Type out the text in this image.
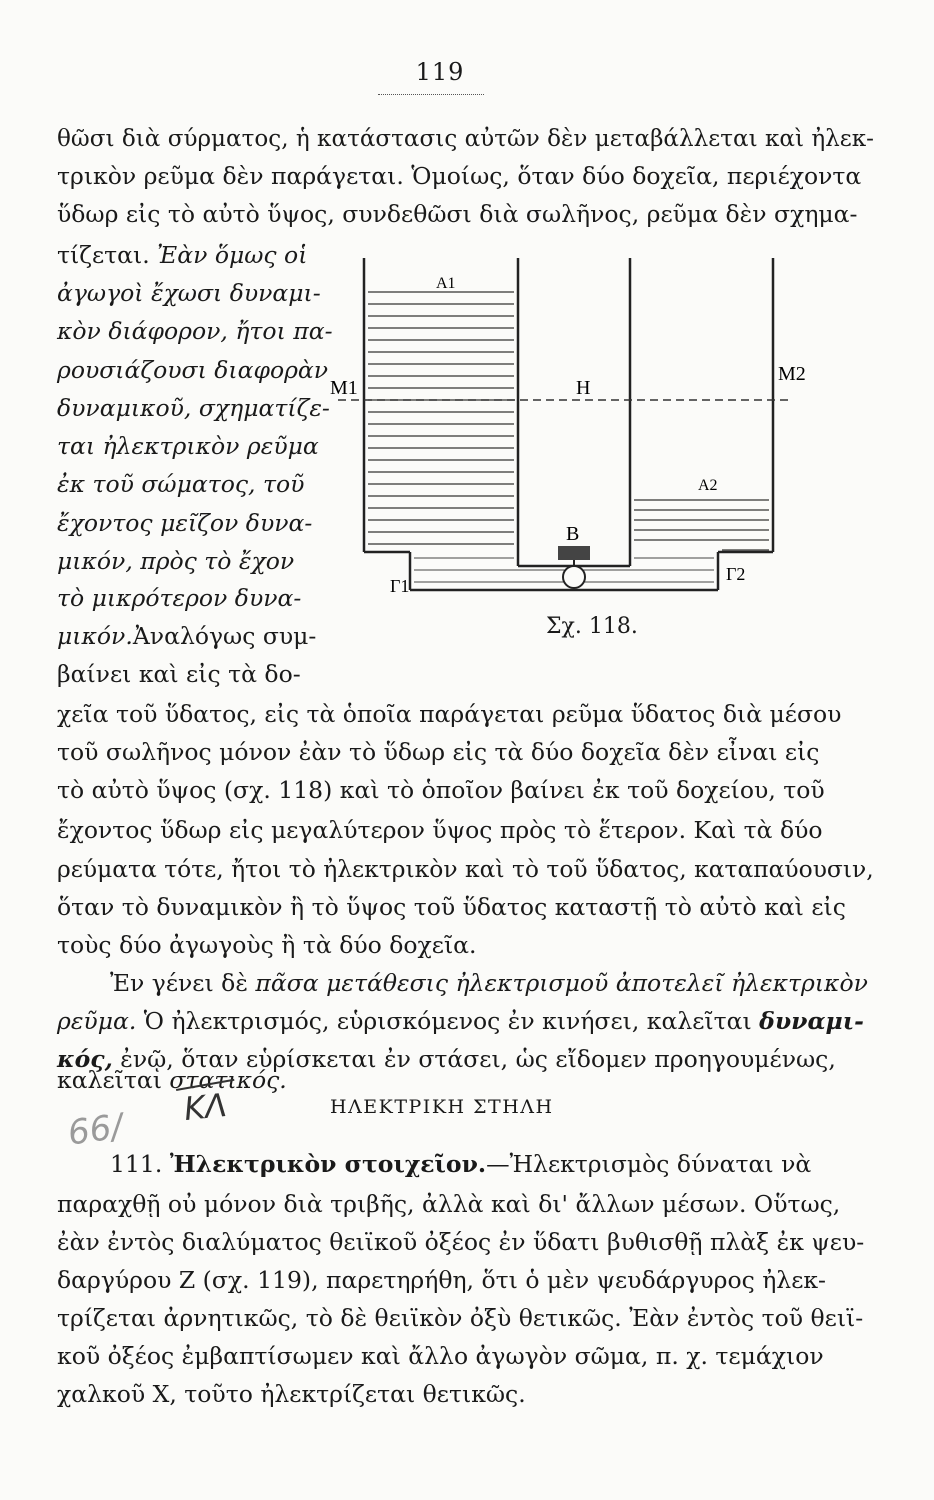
119
θῶσι διὰ σύρματος, ἡ κατάστασις αὐτῶν δὲν μεταβάλλεται καὶ ἠλεκ-
τρικὸν ρεῦμα δὲν παράγεται. Ὁμοίως, ὅταν δύο δοχεῖα, περιέχοντα
ὕδωρ εἰς τὸ αὐτὸ ὕψος, συνδεθῶσι διὰ σωλῆνος, ρεῦμα δὲν σχημα-
τίζεται. Ἐὰν ὅμως οἱ
ἀγωγοὶ ἔχωσι δυναμι-
κὸν διάφορον, ἤτοι πα-
ρουσιάζουσι διαφορὰν
δυναμικοῦ, σχηματίζε-
ται ἠλεκτρικὸν ρεῦμα
ἐκ τοῦ σώματος, τοῦ
ἔχοντος μεῖζον δυνα-
μικόν, πρὸς τὸ ἔχον
τὸ μικρότερον δυνα-
μικόν.Ἀναλόγως συμ-
βαίνει καὶ εἰς τὰ δο-
A1
A2
M1
M2
H
B
Γ1
Γ2
Σχ. 118.
χεῖα τοῦ ὕδατος, εἰς τὰ ὁποῖα παράγεται ρεῦμα ὕδατος διὰ μέσου
τοῦ σωλῆνος μόνον ἐὰν τὸ ὕδωρ εἰς τὰ δύο δοχεῖα δὲν εἶναι εἰς
τὸ αὐτὸ ὕψος (σχ. 118) καὶ τὸ ὁποῖον βαίνει ἐκ τοῦ δοχείου, τοῦ
ἔχοντος ὕδωρ εἰς μεγαλύτερον ὕψος πρὸς τὸ ἕτερον. Καὶ τὰ δύο
ρεύματα τότε, ἤτοι τὸ ἠλεκτρικὸν καὶ τὸ τοῦ ὕδατος, καταπαύουσιν,
ὅταν τὸ δυναμικὸν ἢ τὸ ὕψος τοῦ ὕδατος καταστῇ τὸ αὐτὸ καὶ εἰς
τοὺς δύο ἀγωγοὺς ἢ τὰ δύο δοχεῖα.
Ἐν γένει δὲ πᾶσα μετάθεσις ἠλεκτρισμοῦ ἀποτελεῖ ἠλεκτρικὸν
ρεῦμα. Ὁ ἠλεκτρισμός, εὑρισκόμενος ἐν κινήσει, καλεῖται δυναμι-
κός, ἐνῷ, ὅταν εὑρίσκεται ἐν στάσει, ὡς εἴδομεν προηγουμένως,
καλεῖται στατικός.
ΗΛΕΚΤΡΙΚΗ ΣΤΗΛΗ
66/ ΚΛ
111. Ἠλεκτρικὸν στοιχεῖον.—Ἠλεκτρισμὸς δύναται νὰ
παραχθῇ οὐ μόνον διὰ τριβῆς, ἀλλὰ καὶ δι' ἄλλων μέσων. Οὕτως,
ἐὰν ἐντὸς διαλύματος θειϊκοῦ ὀξέος ἐν ὕδατι βυθισθῇ πλὰξ ἐκ ψευ-
δαργύρου Z (σχ. 119), παρετηρήθη, ὅτι ὁ μὲν ψευδάργυρος ἠλεκ-
τρίζεται ἀρνητικῶς, τὸ δὲ θειϊκὸν ὀξὺ θετικῶς. Ἐὰν ἐντὸς τοῦ θειϊ-
κοῦ ὀξέος ἐμβαπτίσωμεν καὶ ἄλλο ἀγωγὸν σῶμα, π. χ. τεμάχιον
χαλκοῦ X, τοῦτο ἠλεκτρίζεται θετικῶς.
